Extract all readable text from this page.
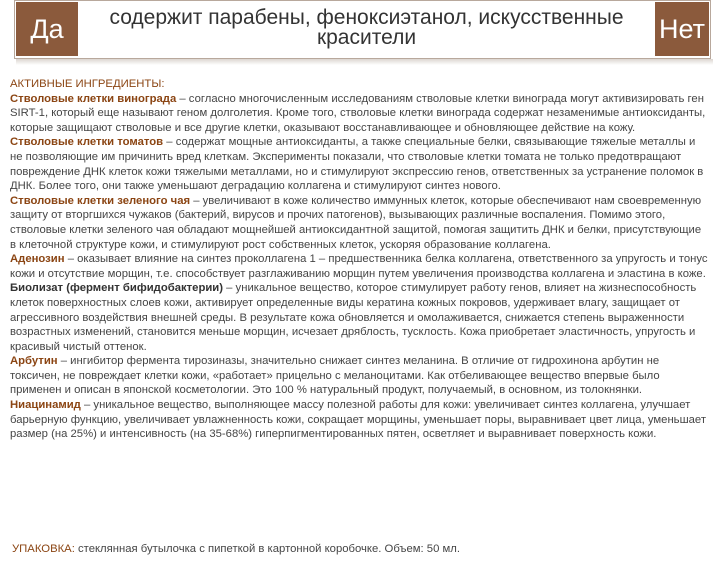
Да	содержит парабены, феноксиэтанол, искусственные красители	Нет
АКТИВНЫЕ ИНГРЕДИЕНТЫ:

Стволовые клетки винограда – согласно многочисленным исследованиям стволовые клетки винограда могут активизировать ген SIRT-1, который еще называют геном долголетия. Кроме того, стволовые клетки винограда содержат незаменимые антиоксиданты, которые защищают стволовые и все другие клетки, оказывают восстанавливающее и обновляющее действие на кожу.

Стволовые клетки томатов – содержат мощные антиоксиданты, а также специальные белки, связывающие тяжелые металлы и не позволяющие им причинить вред клеткам. Эксперименты показали, что стволовые клетки томата не только предотвращают повреждение ДНК клеток кожи тяжелыми металлами, но и стимулируют экспрессию генов, ответственных за устранение поломок в ДНК. Более того, они также уменьшают деградацию коллагена и стимулируют синтез нового.

Стволовые клетки зеленого чая – увеличивают в коже количество иммунных клеток, которые обеспечивают нам своевременную защиту от вторгшихся чужаков (бактерий, вирусов и прочих патогенов), вызывающих различные воспаления. Помимо этого, стволовые клетки зеленого чая обладают мощнейшей антиоксидантной защитой, помогая защитить ДНК и белки, присутствующие в клеточной структуре кожи, и стимулируют рост собственных клеток, ускоряя образование коллагена.

Аденозин – оказывает влияние на синтез проколлагена 1 – предшественника белка коллагена, ответственного за упругость и тонус кожи и отсутствие морщин, т.е. способствует разглаживанию морщин путем увеличения производства коллагена и эластина в коже.

Биолизат (фермент бифидобактерии) – уникальное вещество, которое стимулирует работу генов, влияет на жизнеспособность клеток поверхностных слоев кожи, активирует определенные виды кератина кожных покровов, удерживает влагу, защищает от агрессивного воздействия внешней среды. В результате кожа обновляется и омолаживается, снижается степень выраженности возрастных изменений, становится меньше морщин, исчезает дряблость, тусклость. Кожа приобретает эластичность, упругость и красивый чистый оттенок.

Арбутин – ингибитор фермента тирозиназы, значительно снижает синтез меланина. В отличие от гидрохинона арбутин не токсичен, не повреждает клетки кожи, «работает» прицельно с меланоцитами. Как отбеливающее вещество впервые было применен и описан в японской косметологии. Это 100 % натуральный продукт, получаемый, в основном, из толокнянки.

Ниацинамид – уникальное вещество, выполняющее массу полезной работы для кожи: увеличивает синтез коллагена, улучшает барьерную функцию, увеличивает увлажненность кожи, сокращает морщины, уменьшает поры, выравнивает цвет лица, уменьшает размер (на 25%) и интенсивность (на 35-68%) гиперпигментированных пятен, осветляет и выравнивает поверхность кожи.

УПАКОВКА: стеклянная бутылочка с пипеткой в картонной коробочке. Объем: 50 мл.
